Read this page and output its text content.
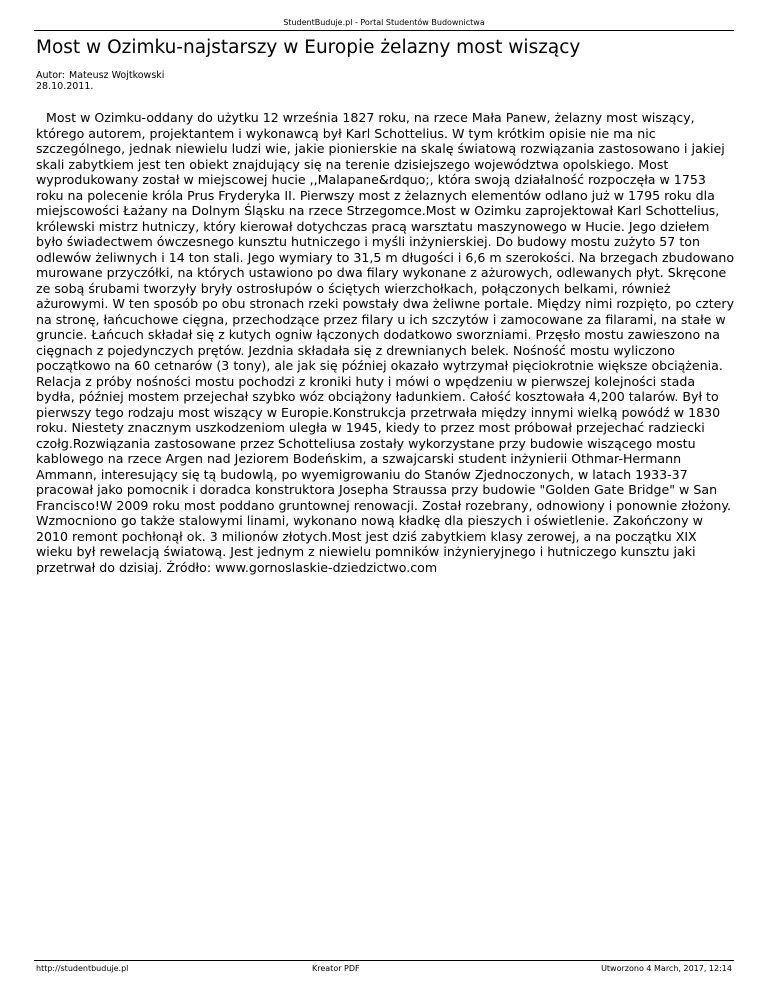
StudentBuduje.pl - Portal Studentów Budownictwa
Most w Ozimku-najstarszy w Europie żelazny most wiszący
Autor: Mateusz Wojtkowski
28.10.2011.

Most w Ozimku-oddany do użytku 12 września 1827 roku, na rzece Mała Panew, żelazny most wiszący, którego autorem, projektantem i wykonawcą był Karl Schottelius. W tym krótkim opisie nie ma nic szczególnego, jednak niewielu ludzi wie, jakie pionierskie na skalę światową rozwiązania zastosowano i jakiej skali zabytkiem jest ten obiekt znajdujący się na terenie dzisiejszego województwa opolskiego. Most wyprodukowany został w miejscowej hucie ,,Malapane&rdquo;, która swoją działalność rozpoczęła w 1753 roku na polecenie króla Prus Fryderyka II. Pierwszy most z żelaznych elementów odlano już w 1795 roku dla miejscowości Łażany na Dolnym Śląsku na rzece Strzegomce.Most w Ozimku zaprojektował Karl Schottelius, królewski mistrz hutniczy, który kierował dotychczas pracą warsztatu maszynowego w Hucie. Jego dziełem było świadectwem ówczesnego kunsztu hutniczego i myśli inżynierskiej. Do budowy mostu zużyto 57 ton odlewów żeliwnych i 14 ton stali. Jego wymiary to 31,5 m długości i 6,6 m szerokości. Na brzegach zbudowano murowane przyczółki, na których ustawiono po dwa filary wykonane z ażurowych, odlewanych płyt. Skręcone ze sobą śrubami tworzyły bryły ostrosłupów o ściętych wierzchołkach, połączonych belkami, również ażurowymi. W ten sposób po obu stronach rzeki powstały dwa żeliwne portale. Między nimi rozpięto, po cztery na stronę, łańcuchowe cięgna, przechodzące przez filary u ich szczytów i zamocowane za filarami, na stałe w gruncie. Łańcuch składał się z kutych ogniw łączonych dodatkowo sworzniami. Przęsło mostu zawieszono na cięgnach z pojedynczych prętów. Jezdnia składała się z drewnianych belek. Nośność mostu wyliczono początkowo na 60 cetnarów (3 tony), ale jak się później okazało wytrzymał pięciokrotnie większe obciążenia. Relacja z próby nośności mostu pochodzi z kroniki huty i mówi o wpędzeniu w pierwszej kolejności stada bydła, później mostem przejechał szybko wóz obciążony ładunkiem. Całość kosztowała 4,200 talarów. Był to pierwszy tego rodzaju most wiszący w Europie.Konstrukcja przetrwała między innymi wielką powódź w 1830 roku. Niestety znacznym uszkodzeniom uległa w 1945, kiedy to przez most próbował przejechać radziecki czołg.Rozwiązania zastosowane przez Schotteliusa zostały wykorzystane przy budowie wiszącego mostu kablowego na rzece Argen nad Jeziorem Bodeńskim, a szwajcarski student inżynierii Othmar-Hermann Ammann, interesujący się tą budowlą, po wyemigrowaniu do Stanów Zjednoczonych, w latach 1933-37 pracował jako pomocnik i doradca konstruktora Josepha Straussa przy budowie "Golden Gate Bridge" w San Francisco!W 2009 roku most poddano gruntownej renowacji. Został rozebrany, odnowiony i ponownie złożony. Wzmocniono go także stalowymi linami, wykonano nową kładkę dla pieszych i oświetlenie. Zakończony w 2010 remont pochłonął ok. 3 milionów złotych.Most jest dziś zabytkiem klasy zerowej, a na początku XIX wieku był rewelacją światową. Jest jednym z niewielu pomników inżynieryjnego i hutniczego kunsztu jaki przetrwał do dzisiaj. Źródło: www.gornoslaskie-dziedzictwo.com

http://studentbuduje.pl	Kreator PDF	Utworzono 4 March, 2017, 12:14
